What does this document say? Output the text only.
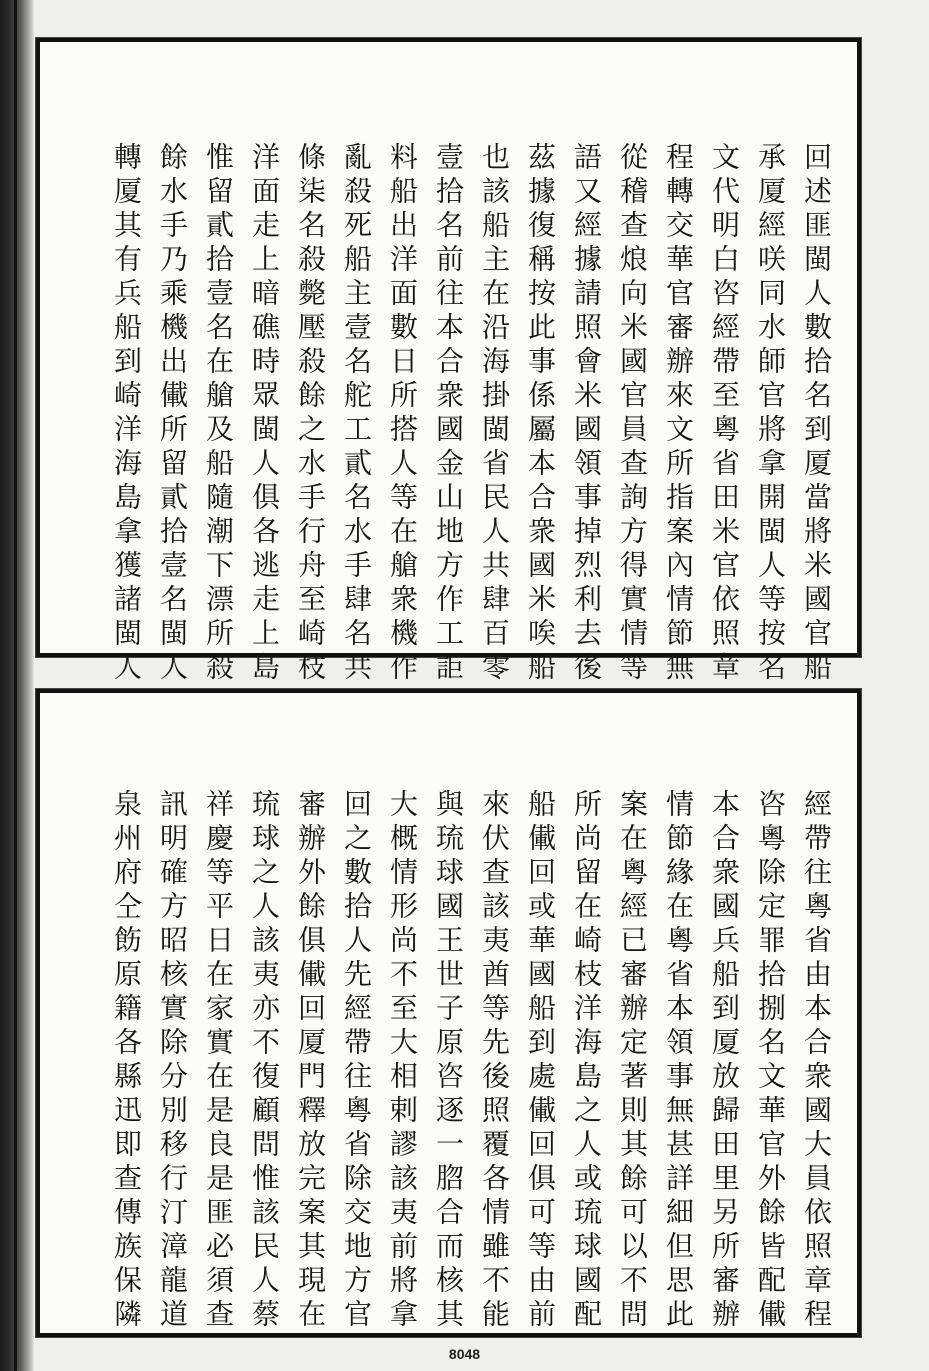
回述匪閩人數拾名到厦當將米國官船
承厦經咲同水師官將拿開閩人等按名
文代明白咨經帶至粵省田米官依照章
程轉交華官審辦來文所指案內情節無
從稽查烺向米國官員查詢方得實情等
語又經據請照會米國領事掉烈利去後
茲據復稱按此事係屬本合衆國米唉船
也該船主在沿海掛閩省民人共肆百零
壹拾名前往本合衆國金山地方作工詎
料船出洋面數日所搭人等在艙衆機作
亂殺死船主壹名舵工貳名水手肆名共
條柒名殺斃壓殺餘之水手行舟至崎枝
洋面走上暗礁時眾閩人俱各逃走上島
惟留貳拾壹名在艙及船隨潮下漂所殺
餘水手乃乘機出儎所留貳拾壹名閩人
轉厦其有兵船到崎洋海島拿獲諸閩人
經帶往粵省由本合衆國大員依照章程
咨粵除定罪拾捌名文華官外餘皆配儎
本合衆國兵船到厦放歸田里另所審辦
情節緣在粵省本領事無甚詳細但思此
案在粵經已審辦定著則其餘可以不問
所尚留在崎枝洋海島之人或琉球國配
船儎回或華國船到處儎回俱可等由前
來伏查該夷酋等先後照覆各情雖不能
與琉球國王世子原咨逐一脗合而核其
大概情形尚不至大相剌謬該夷前將拿
回之數拾人先經帶往粵省除交地方官
審辦外餘俱儎回厦門釋放完案其現在
琉球之人該夷亦不復顧問惟該民人蔡
祥慶等平日在家實在是良是匪必須查
訊明確方昭核實除分別移行汀漳龍道
泉州府仝飭原籍各縣迅即查傳族保隣
8048
